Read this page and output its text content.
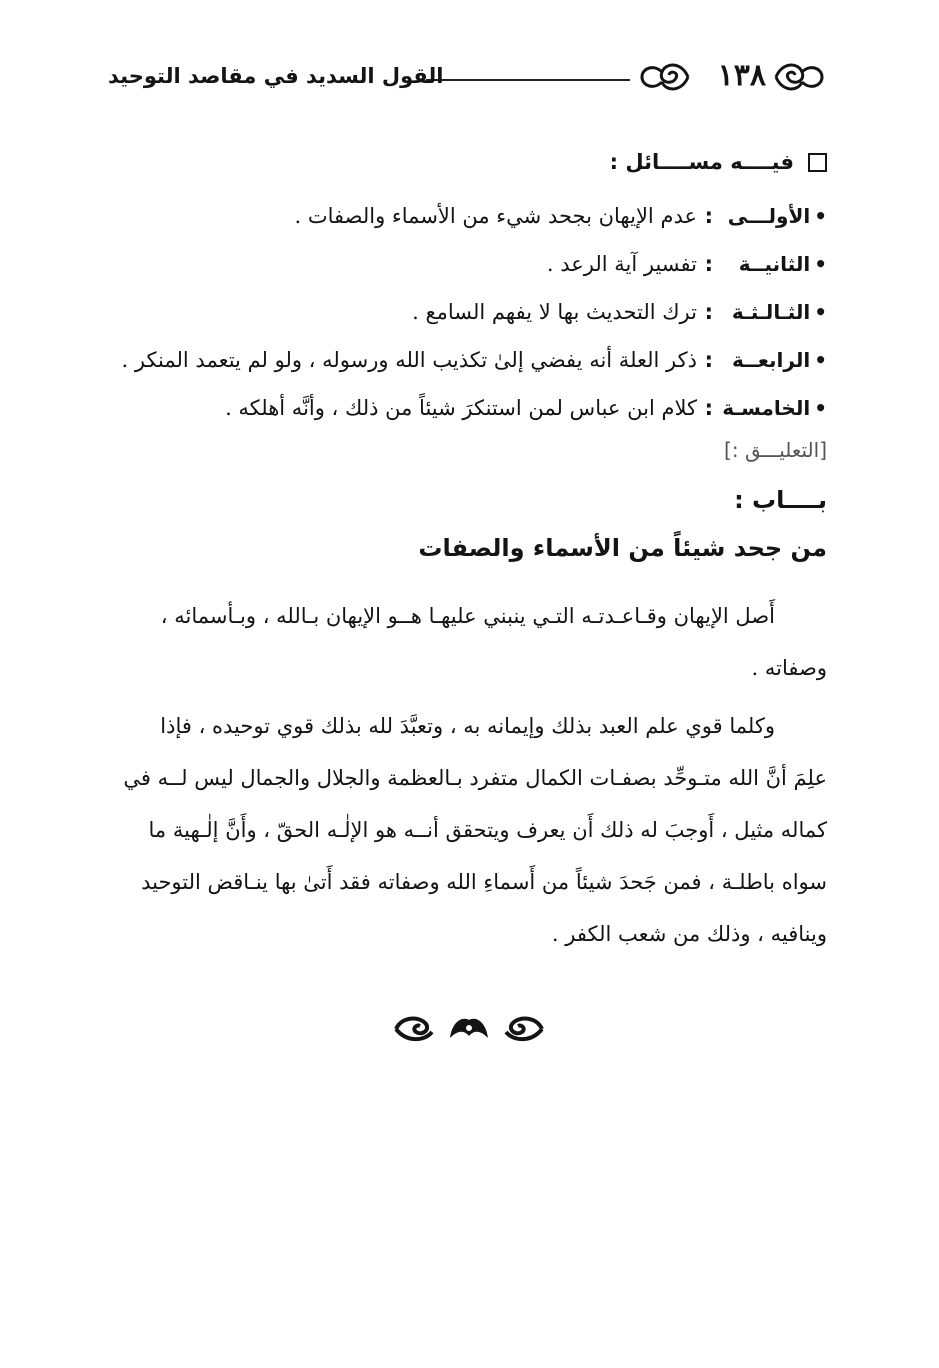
١٣٨
القول السديد في مقاصد التوحيد
فيــــه مســــائل :
•الأولـــى
:
عدم الإيهان بجحد شيء من الأسماء والصفات .
•الثانيــة
:
تفسير آية الرعد .
•الثـالـثـة
:
ترك التحديث بها لا يفهم السامع .
•الرابعــة
:
ذكر العلة أنه يفضي إلىٰ تكذيب الله ورسوله ، ولو لم يتعمد المنكر .
•الخامسـة
:
كلام ابن عباس لمن استنكرَ شيئاً من ذلك ، وأنَّه أهلكه .
[التعليـــق :]
بــــاب :
من جحد شيئاً من الأسماء والصفات

أَصل الإيهان وقـاعـدتـه التـي ينبني عليهـا هــو الإيهان بـالله ، وبـأسمائه ،

وصفاته .

وكلما قوي علم العبد بذلك وإيمانه به ، وتعبَّدَ لله بذلك قوي توحيده ، فإذا

علِمَ أنَّ الله متـوحِّد بصفـات الكمال متفرد بـالعظمة والجلال والجمال ليس لــه في

كماله مثيل ، أَوجبَ له ذلك أَن يعرف ويتحقق أنــه هو الإلٰـه الحقّ ، وأَنَّ إلٰـهية ما

سواه باطلـة ، فمن جَحدَ شيئاً من أَسماءِ الله وصفاته فقد أَتىٰ بها ينـاقض التوحيد

وينافيه ، وذلك من شعب الكفر .
